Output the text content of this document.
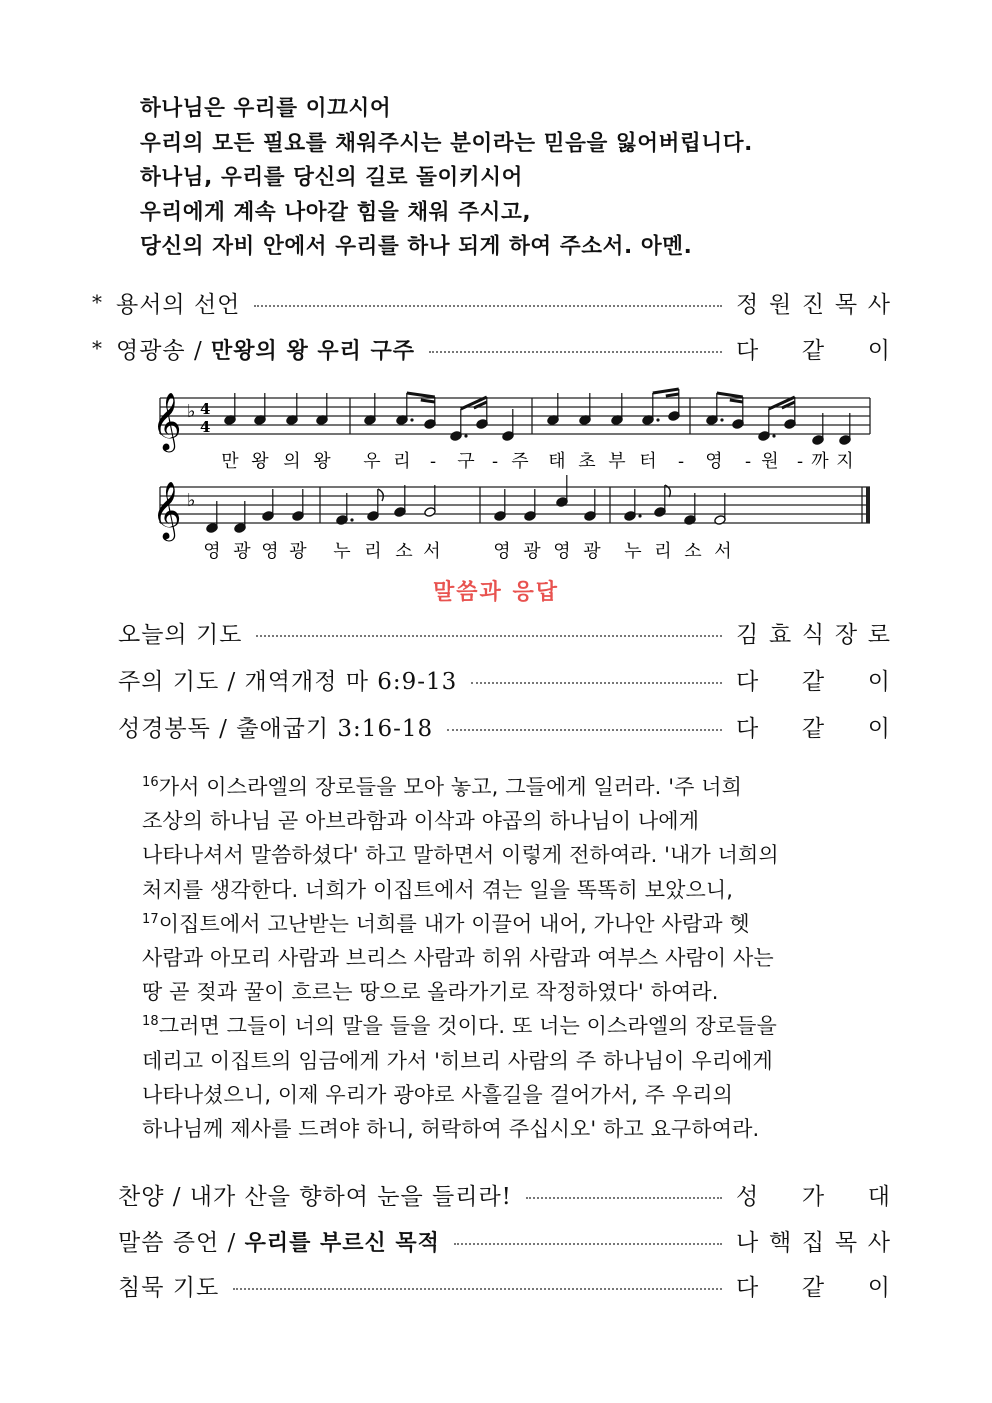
하나님은 우리를 이끄시어
우리의 모든 필요를 채워주시는 분이라는 믿음을 잃어버립니다.
하나님, 우리를 당신의 길로 돌이키시어
우리에게 계속 나아갈 힘을 채워 주시고,
당신의 자비 안에서 우리를 하나 되게 하여 주소서. 아멘.
* 용서의 선언	정 원 진 목 사
* 영광송 / 만왕의 왕 우리 구주	다 같 이
𝄞 ♭ 4
4
𝄞 ♭
만 왕 의 왕 우 리 - 구 - 주 태 초 부 터 - 영 - 원 - 까 지
영 광 영 광 누 리 소 서	영 광 영 광 누 리 소 서
말씀과 응답
오늘의 기도	김 효 식 장 로
주의 기도 / 개역개정 마 6:9-13	다 같 이
성경봉독 / 출애굽기 3:16-18	다 같 이
$^{16}$가서 이스라엘의 장로들을 모아 놓고, 그들에게 일러라. '주 너희
조상의 하나님 곧 아브라함과 이삭과 야곱의 하나님이 나에게
나타나셔서 말씀하셨다' 하고 말하면서 이렇게 전하여라. '내가 너희의
처지를 생각한다. 너희가 이집트에서 겪는 일을 똑똑히 보았으니,
$^{17}$이집트에서 고난받는 너희를 내가 이끌어 내어, 가나안 사람과 헷
사람과 아모리 사람과 브리스 사람과 히위 사람과 여부스 사람이 사는
땅 곧 젖과 꿀이 흐르는 땅으로 올라가기로 작정하였다' 하여라.
$^{18}$그러면 그들이 너의 말을 들을 것이다. 또 너는 이스라엘의 장로들을
데리고 이집트의 임금에게 가서 '히브리 사람의 주 하나님이 우리에게
나타나셨으니, 이제 우리가 광야로 사흘길을 걸어가서, 주 우리의
하나님께 제사를 드려야 하니, 허락하여 주십시오' 하고 요구하여라.
찬양 / 내가 산을 향하여 눈을 들리라!	성 가 대
말씀 증언 / 우리를 부르신 목적	나 핵 집 목 사
침묵 기도	다 같 이
